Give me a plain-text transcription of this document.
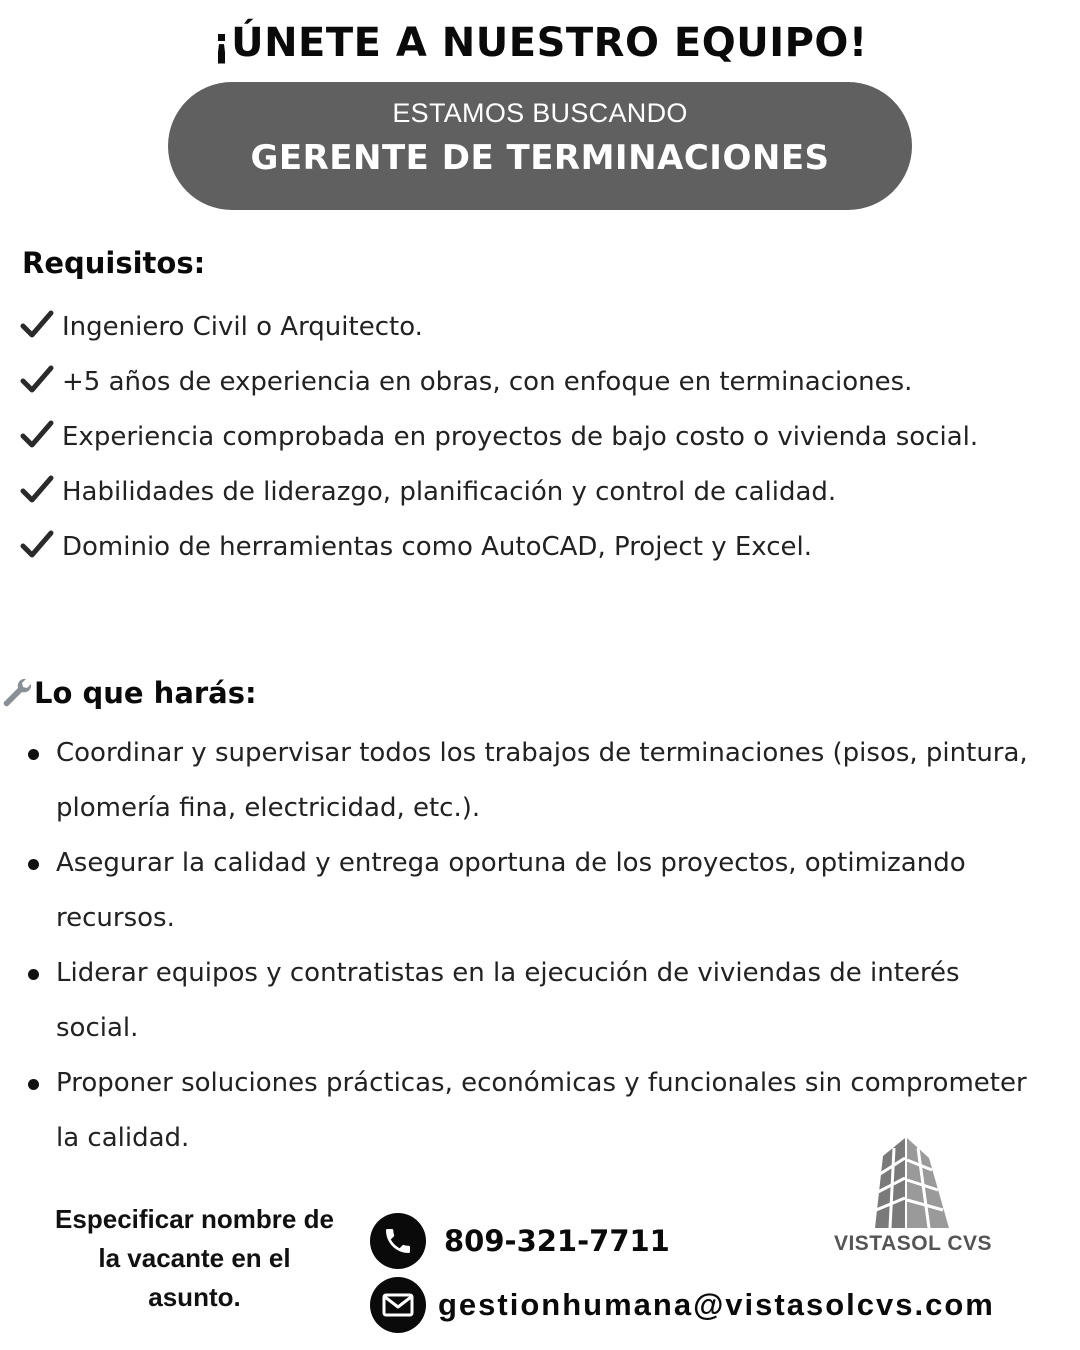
¡ÚNETE A NUESTRO EQUIPO!
ESTAMOS BUSCANDO
GERENTE DE TERMINACIONES
Requisitos:
Ingeniero Civil o Arquitecto.
+5 años de experiencia en obras, con enfoque en terminaciones.
Experiencia comprobada en proyectos de bajo costo o vivienda social.
Habilidades de liderazgo, planificación y control de calidad.
Dominio de herramientas como AutoCAD, Project y Excel.
Lo que harás:
Coordinar y supervisar todos los trabajos de terminaciones (pisos, pintura, plomería fina, electricidad, etc.).
Asegurar la calidad y entrega oportuna de los proyectos, optimizando recursos.
Liderar equipos y contratistas en la ejecución de viviendas de interés social.
Proponer soluciones prácticas, económicas y funcionales sin comprometer la calidad.
Especificar nombre de la vacante en el asunto.
809-321-7711
gestionhumana@vistasolcvs.com
VISTASOL CVS
